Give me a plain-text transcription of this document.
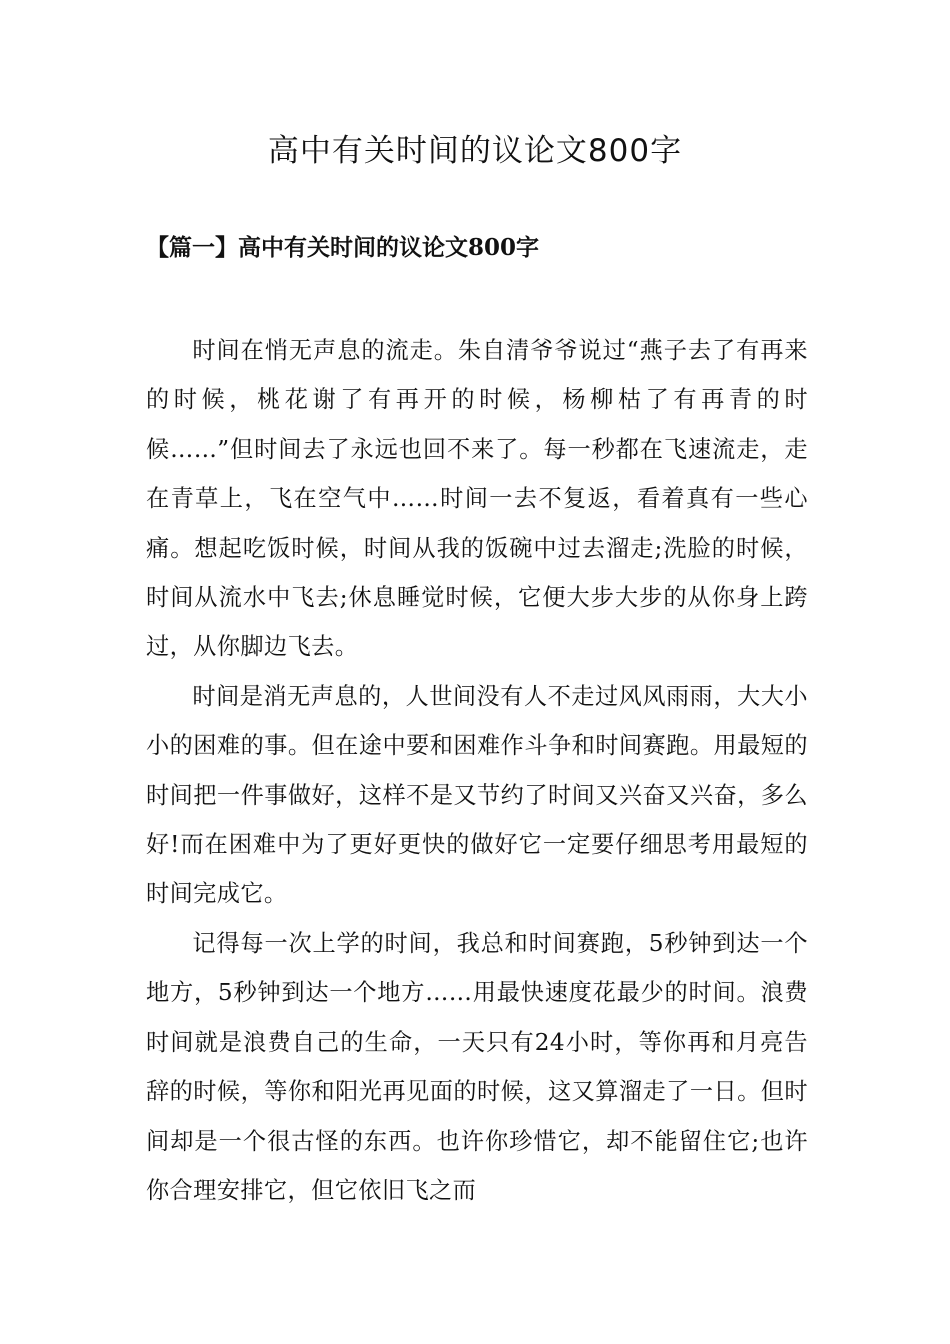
高中有关时间的议论文800字
【篇一】高中有关时间的议论文800字

时间在悄无声息的流走。朱自清爷爷说过“燕子去了有再来的时候，桃花谢了有再开的时候，杨柳枯了有再青的时候……”但时间去了永远也回不来了。每一秒都在飞速流走，走在青草上，飞在空气中……时间一去不复返，看着真有一些心痛。想起吃饭时候，时间从我的饭碗中过去溜走;洗脸的时候，时间从流水中飞去;休息睡觉时候，它便大步大步的从你身上跨过，从你脚边飞去。

时间是消无声息的，人世间没有人不走过风风雨雨，大大小小的困难的事。但在途中要和困难作斗争和时间赛跑。用最短的时间把一件事做好，这样不是又节约了时间又兴奋又兴奋，多么好!而在困难中为了更好更快的做好它一定要仔细思考用最短的时间完成它。

记得每一次上学的时间，我总和时间赛跑，5秒钟到达一个地方，5秒钟到达一个地方……用最快速度花最少的时间。浪费时间就是浪费自己的生命，一天只有24小时，等你再和月亮告辞的时候，等你和阳光再见面的时候，这又算溜走了一日。但时间却是一个很古怪的东西。也许你珍惜它，却不能留住它;也许你合理安排它，但它依旧飞之而
